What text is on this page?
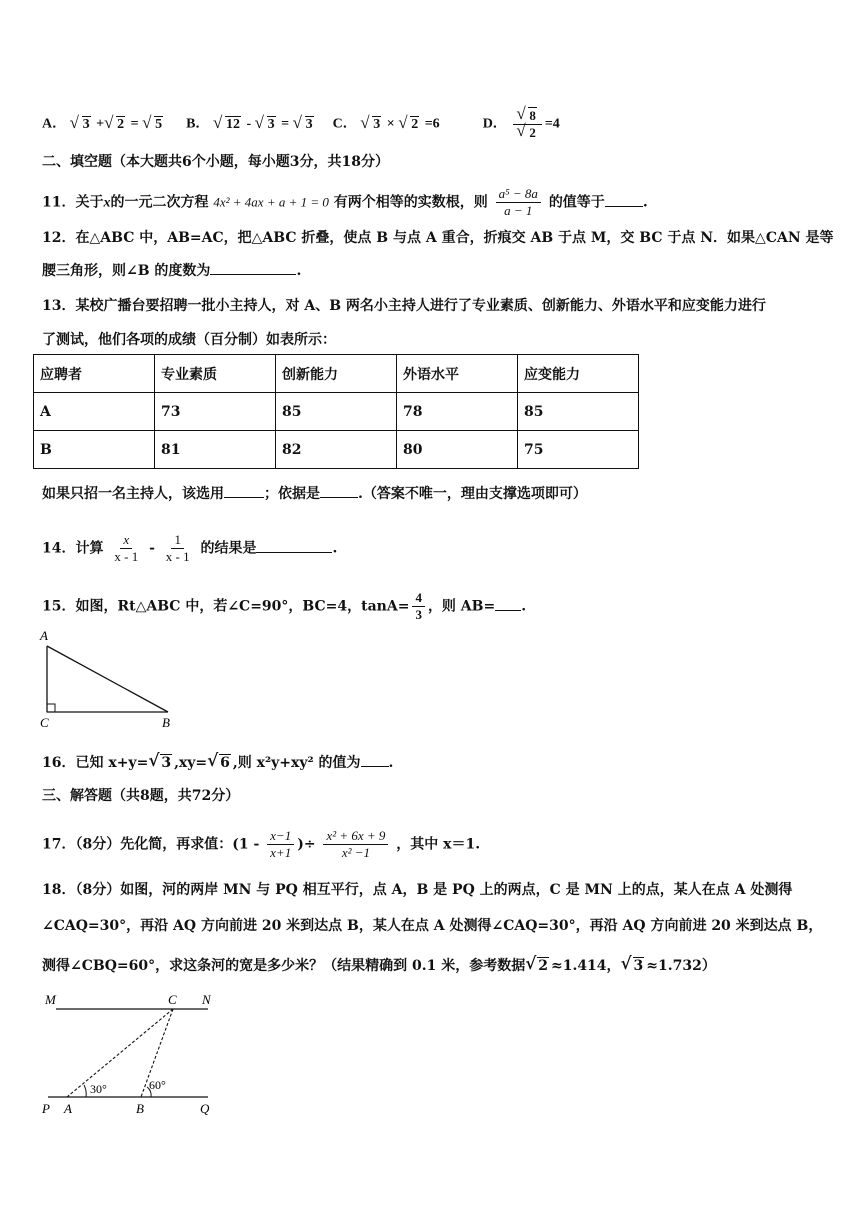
A． √ 3 + √ 2 = √ 5 B． √ 12 - √ 3 = √ 3 C． √ 3 × √ 2 =6	D． √ 8
√ 2 =4
二、填空题（本大题共6个小题，每小题3分，共18分）
11．关于x的一元二次方程 4x² + 4ax + a + 1 = 0 有两个相等的实数根，则 $\frac{\text{a⁵ − 8a}}{a - 1}$ 的值等于	.
12．在△ABC 中，AB=AC，把△ABC 折叠，使点 B 与点 A 重合，折痕交 AB 于点 M，交 BC 于点 N．如果△CAN 是等
腰三角形，则∠B 的度数为	.
13．某校广播台要招聘一批小主持人，对 A、B 两名小主持人进行了专业素质、创新能力、外语水平和应变能力进行
了测试，他们各项的成绩（百分制）如表所示：
应聘者	专业素质	创新能力	外语水平	应变能力
A	73	85	78	85
B	81	82	80	75
如果只招一名主持人，该选用	；依据是	.（答案不唯一，理由支撑选项即可）
14．计算 $\frac{x}{x - 1} - \frac{1}{x - 1}$ 的结果是	.
15．如图，Rt△ABC 中，若∠C=90°，BC=4，$\tan A= \frac{4}{3}$ ，则 AB= .
A
C	B
16．已知 x+y= √ 3 ,xy= √ 6 ,则 x²y+xy² 的值为 .
三、解答题（共8题，共72分）
17．（8分）先化简，再求值：($1 - \frac{x-1}{x+1}$ )÷ $\frac{\text{x² + 6x + 9}}{\text{x² −1}}$ ，其中 x＝1.
18．（8分）如图，河的两岸 MN 与 PQ 相互平行，点 A，B 是 PQ 上的两点，C 是 MN 上的点，某人在点 A 处测得
∠CAQ=30°，再沿 AQ 方向前进 20 米到达点 B，某人在点 A 处测得∠CAQ=30°，再沿 AQ 方向前进 20 米到达点 B，
测得∠CBQ=60°，求这条河的宽是多少米？（结果精确到 0.1 米，参考数据 √ 2 ≈1.414， √ 3 ≈1.732）
M	N
C
P A	B	Q
30°	60°
